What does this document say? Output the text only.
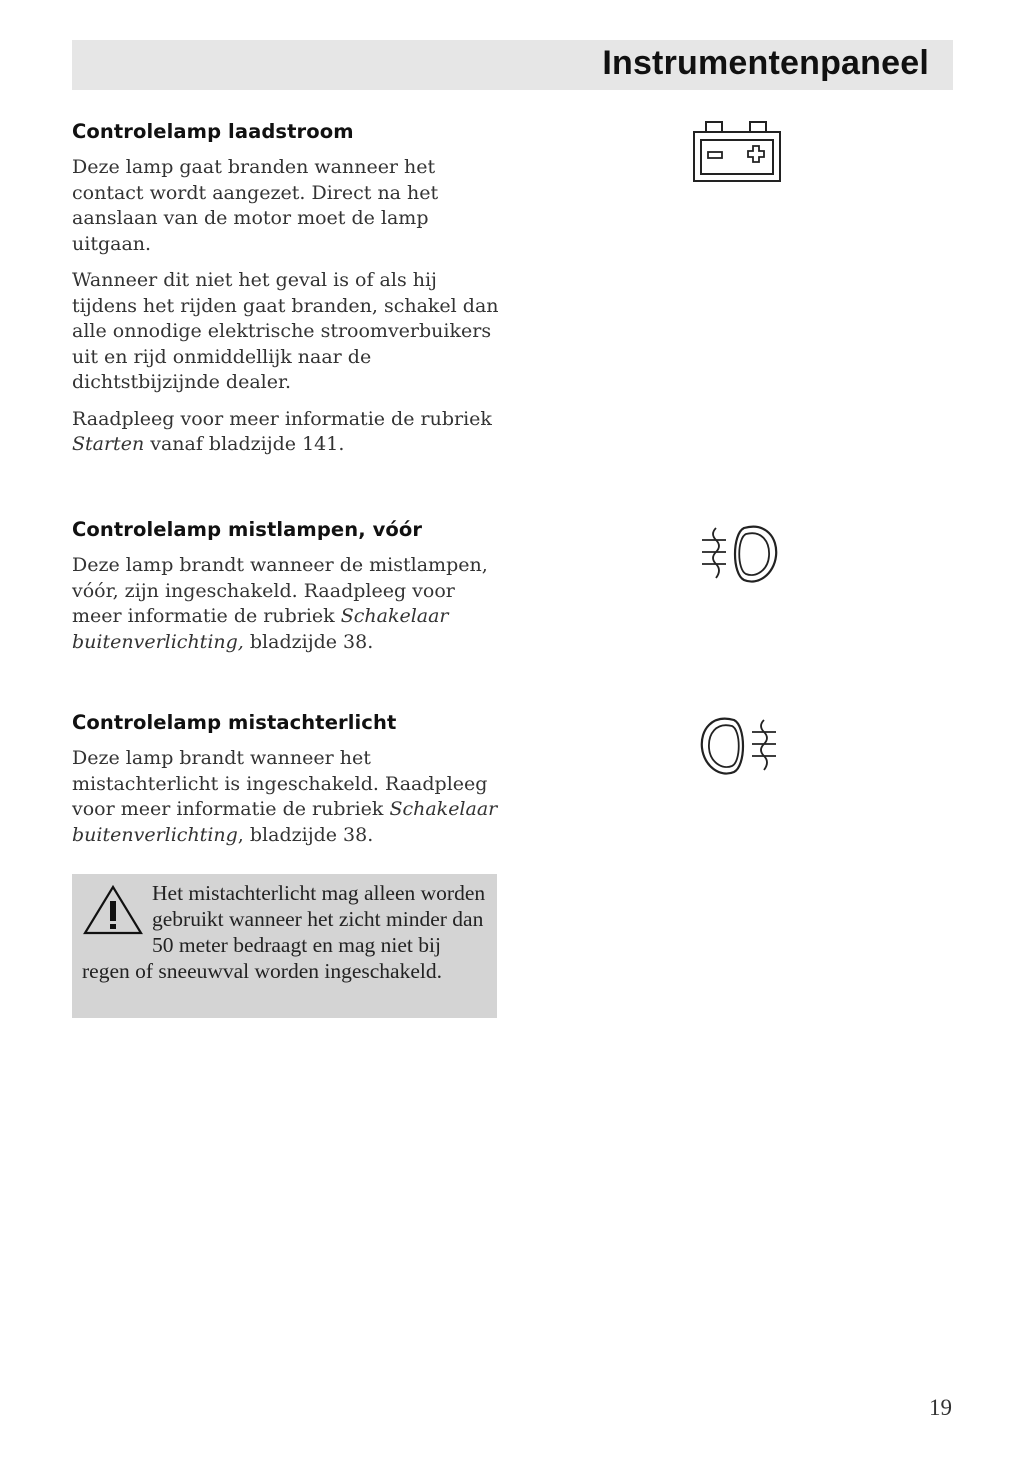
Instrumentenpaneel
Controlelamp laadstroom

Deze lamp gaat branden wanneer het contact wordt aangezet. Direct na het aanslaan van de motor moet de lamp uitgaan.

Wanneer dit niet het geval is of als hij tijdens het rijden gaat branden, schakel dan alle onnodige elektrische stroomverbuikers uit en rijd onmiddellijk naar de dichtstbijzijnde dealer.

Raadpleeg voor meer informatie de rubriek Starten vanaf bladzijde 141.

Controlelamp mistlampen, vóór

Deze lamp brandt wanneer de mistlampen, vóór, zijn ingeschakeld. Raadpleeg voor meer informatie de rubriek Schakelaar buitenverlichting, bladzijde 38.

Controlelamp mistachterlicht

Deze lamp brandt wanneer het mistachterlicht is ingeschakeld. Raadpleeg voor meer informatie de rubriek Schakelaar buitenverlichting, bladzijde 38.

Het mistachterlicht mag alleen worden gebruikt wanneer het zicht minder dan 50 meter bedraagt en mag niet bij regen of sneeuwval worden ingeschakeld.
19
